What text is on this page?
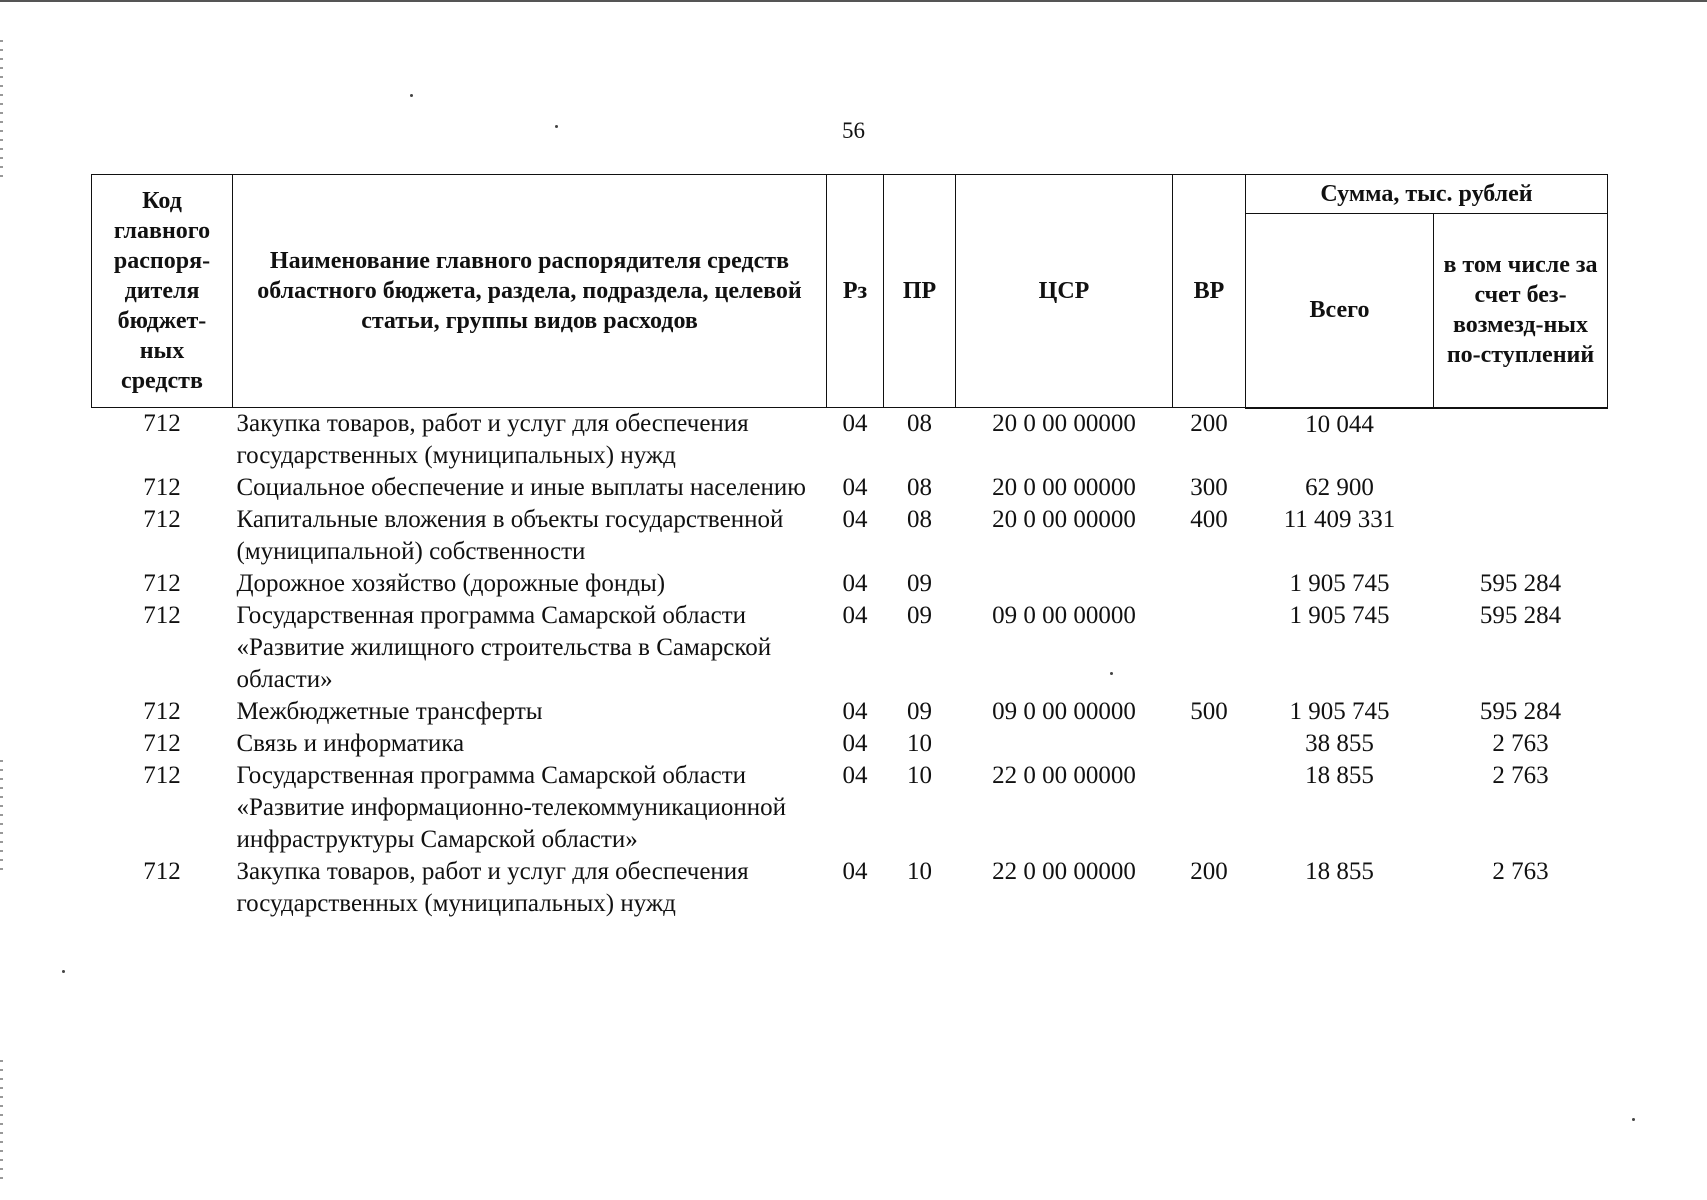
56
Код главного распоря-дителя бюджет-ных средств	Наименование главного распорядителя средств областного бюджета, раздела, подраздела, целевой статьи, группы видов расходов	Рз	ПР	ЦСР	ВР	Сумма, тыс. рублей	
						Всего	в том числе за счет без-возмезд-ных по-ступлений
712	Закупка товаров, работ и услуг для обеспечения государственных (муниципальных) нужд	04	08	20 0 00 00000	200	10 044	
712	Социальное обеспечение и иные выплаты населению	04	08	20 0 00 00000	300	62 900	
712	Капитальные вложения в объекты государственной (муниципальной) собственности	04	08	20 0 00 00000	400	11 409 331	
712	Дорожное хозяйство (дорожные фонды)	04	09			1 905 745	595 284
712	Государственная программа Самарской области «Развитие жилищного строительства в Самарской области»	04	09	09 0 00 00000		1 905 745	595 284
712	Межбюджетные трансферты	04	09	09 0 00 00000	500	1 905 745	595 284
712	Связь и информатика	04	10			38 855	2 763
712	Государственная программа Самарской области «Развитие информационно-телекоммуникационной инфраструктуры Самарской области»	04	10	22 0 00 00000		18 855	2 763
712	Закупка товаров, работ и услуг для обеспечения государственных (муниципальных) нужд	04	10	22 0 00 00000	200	18 855	2 763
